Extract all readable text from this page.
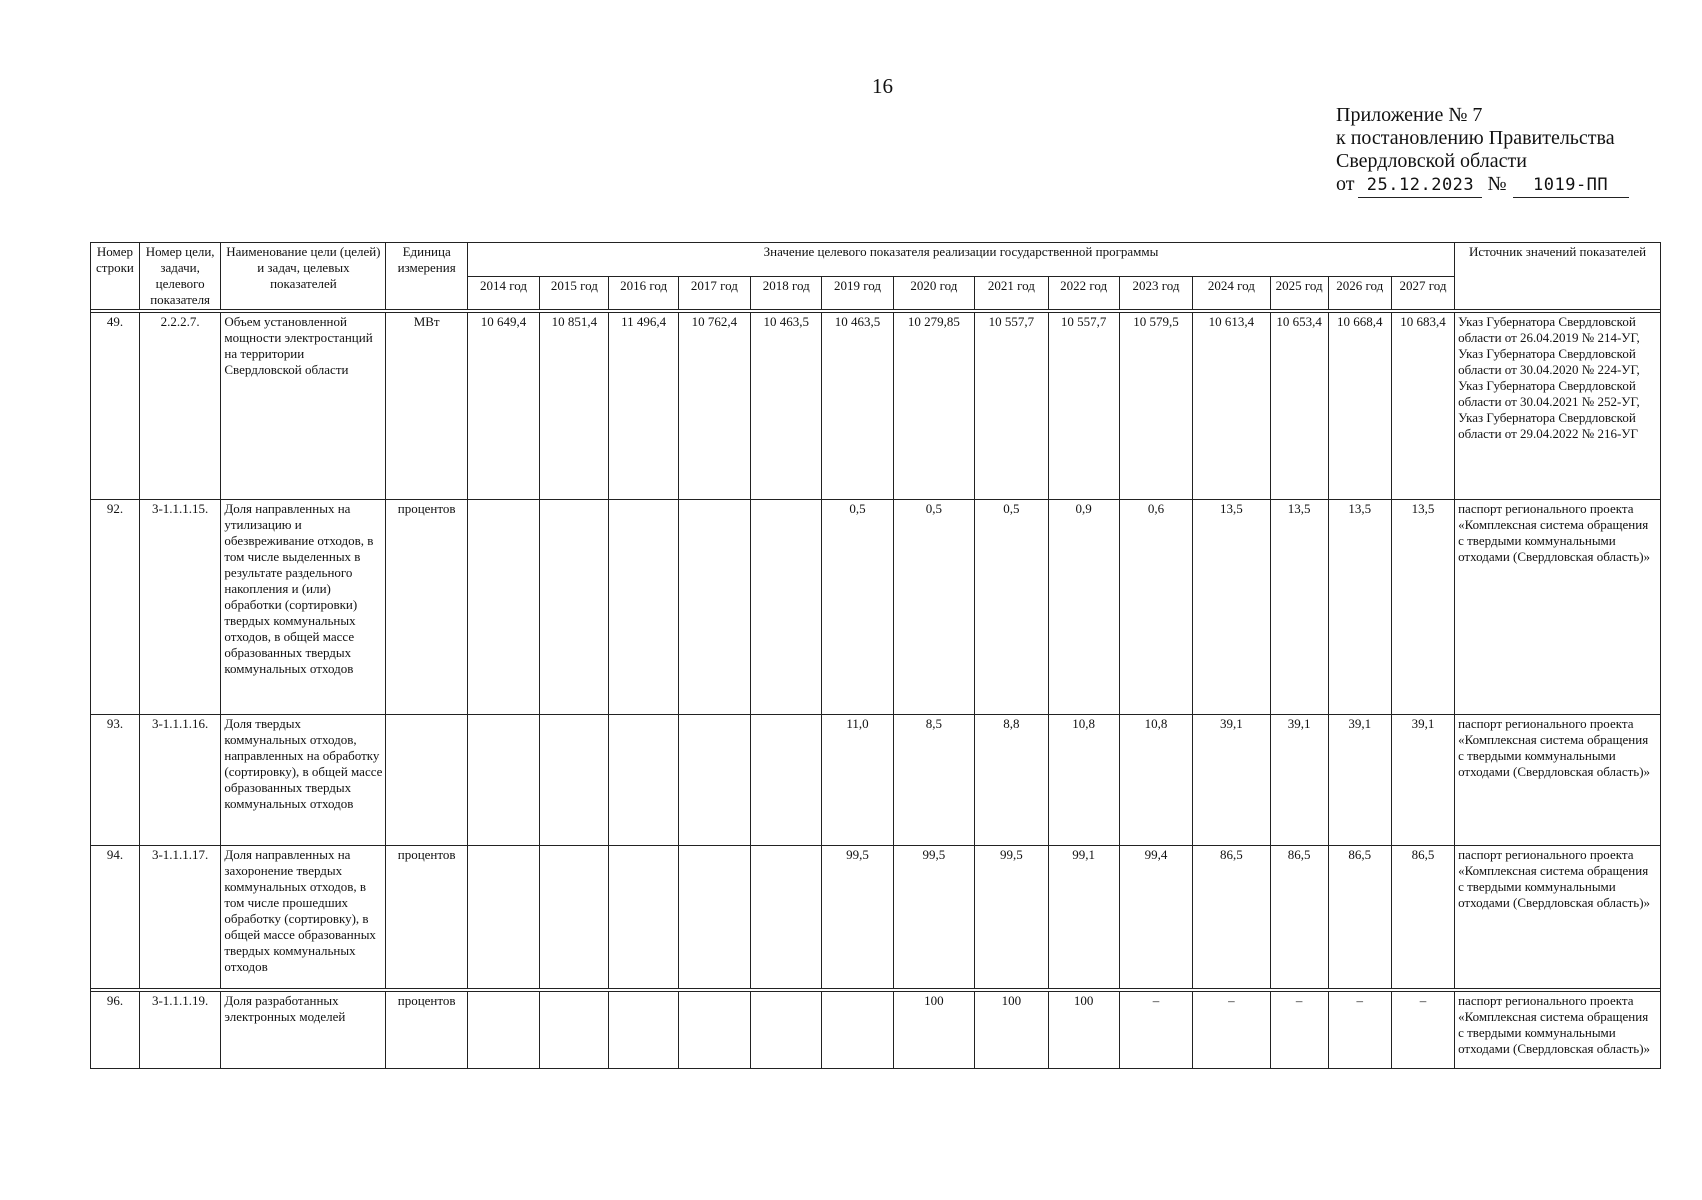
16
Приложение № 7
к постановлению Правительства
Свердловской области
от 25.12.2023 № 1019-ПП
Номер строки	Номер цели, задачи, целевого показателя	Наименование цели (целей) и задач, целевых показателей	Единица измерения	Значение целевого показателя реализации государственной программы														Источник значений показателей
				2014 год	2015 год	2016 год	2017 год	2018 год	2019 год	2020 год	2021 год	2022 год	2023 год	2024 год	2025 год	2026 год	2027 год	

49.	2.2.2.7.	Объем установленной мощности электростанций на территории Свердловской области	МВт	10 649,4	10 851,4	11 496,4	10 762,4	10 463,5	10 463,5	10 279,85	10 557,7	10 557,7	10 579,5	10 613,4	10 653,4	10 668,4	10 683,4	Указ Губернатора Свердловской области от 26.04.2019 № 214-УГ, Указ Губернатора Свердловской области от 30.04.2020 № 224-УГ, Указ Губернатора Свердловской области от 30.04.2021 № 252-УГ, Указ Губернатора Свердловской области от 29.04.2022 № 216-УГ
92.	3-1.1.1.15.	Доля направленных на утилизацию и обезвреживание отходов, в том числе выделенных в результате раздельного накопления и (или) обработки (сортировки) твердых коммунальных отходов, в общей массе образованных твердых коммунальных отходов	процентов						0,5	0,5	0,5	0,9	0,6	13,5	13,5	13,5	13,5	паспорт регионального проекта «Комплексная система обращения с твердыми коммунальными отходами (Свердловская область)»
93.	3-1.1.1.16.	Доля твердых коммунальных отходов, направленных на обработку (сортировку), в общей массе образованных твердых коммунальных отходов							11,0	8,5	8,8	10,8	10,8	39,1	39,1	39,1	39,1	паспорт регионального проекта «Комплексная система обращения с твердыми коммунальными отходами (Свердловская область)»
94.	3-1.1.1.17.	Доля направленных на захоронение твердых коммунальных отходов, в том числе прошедших обработку (сортировку), в общей массе образованных твердых коммунальных отходов	процентов						99,5	99,5	99,5	99,1	99,4	86,5	86,5	86,5	86,5	паспорт регионального проекта «Комплексная система обращения с твердыми коммунальными отходами (Свердловская область)»

96.	3-1.1.1.19.	Доля разработанных электронных моделей	процентов							100	100	100	–	–	–	–	–	паспорт регионального проекта «Комплексная система обращения с твердыми коммунальными отходами (Свердловская область)»
